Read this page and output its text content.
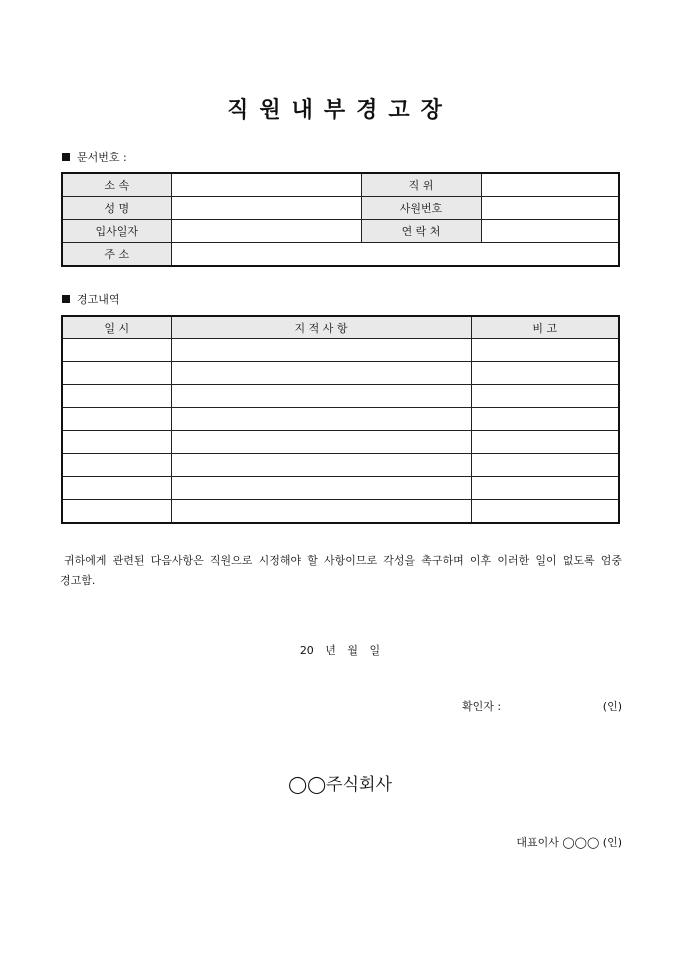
직원내부경고장
문서번호 :
소 속		직 위	
성 명		사원번호	
입사일자		연 락 처	
주 소			
경고내역
일 시	지 적 사 항	비 고

귀하에게 관련된 다음사항은 직원으로 시정해야 할 사항이므로 각성을 촉구하며 이후 이러한 일이 없도록 엄중 경고함.
20 년 월 일
확인자 :	(인)
◯◯주식회사
대표이사 ◯◯◯ (인)
